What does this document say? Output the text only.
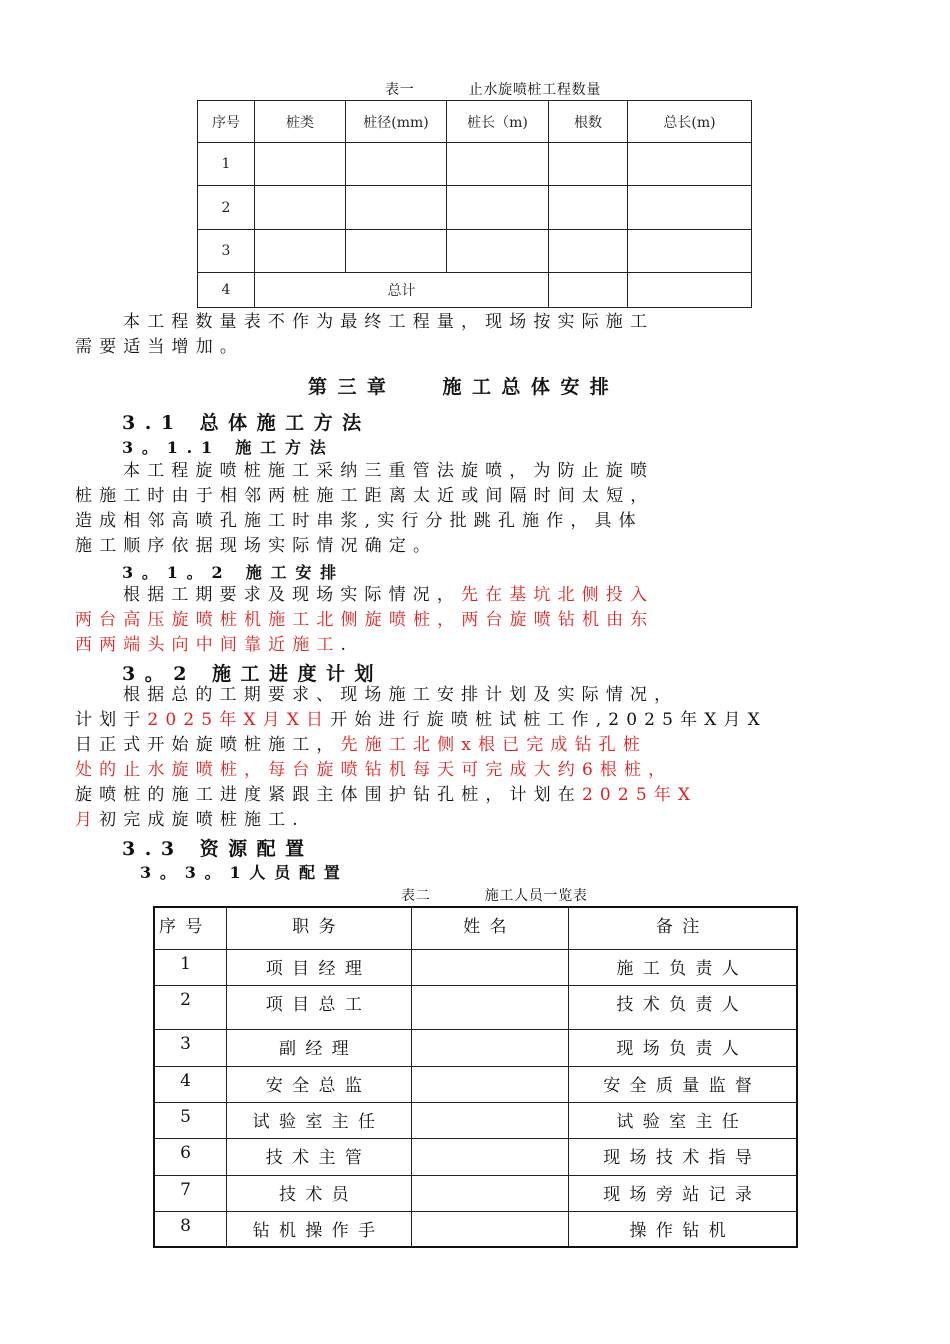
表一	止水旋喷桩工程数量
序号	桩类	桩径(mm)	桩长（m)	根数	总长(m)
1					
2					
3					
4	总计				
本工程数量表不作为最终工程量，现场按实际施工
需要适当增加。
第三章 施工总体安排
3.1 总体施工方法
3。1.1 施工方法
本工程旋喷桩施工采纳三重管法旋喷，为防止旋喷
桩施工时由于相邻两桩施工距离太近或间隔时间太短，
造成相邻高喷孔施工时串浆,实行分批跳孔施作，具体
施工顺序依据现场实际情况确定。
3。1。2 施工安排
根据工期要求及现场实际情况，先在基坑北侧投入
两台高压旋喷桩机施工北侧旋喷桩，两台旋喷钻机由东
西两端头向中间靠近施工.
3。2 施工进度计划
根据总的工期要求、现场施工安排计划及实际情况，
计划于2025年X月X日开始进行旋喷桩试桩工作,2025年X月X
日正式开始旋喷桩施工，先施工北侧x根已完成钻孔桩
处的止水旋喷桩，每台旋喷钻机每天可完成大约6根桩，
旋喷桩的施工进度紧跟主体围护钻孔桩，计划在2025年X
月初完成旋喷桩施工.
3.3 资源配置
3。3。1人员配置
表二	施工人员一览表
序号	职务	姓名	备注
1	项目经理		施工负责人
2	项目总工		技术负责人
3	副经理		现场负责人
4	安全总监		安全质量监督
5	试验室主任		试验室主任
6	技术主管		现场技术指导
7	技术员		现场旁站记录
8	钻机操作手		操作钻机
